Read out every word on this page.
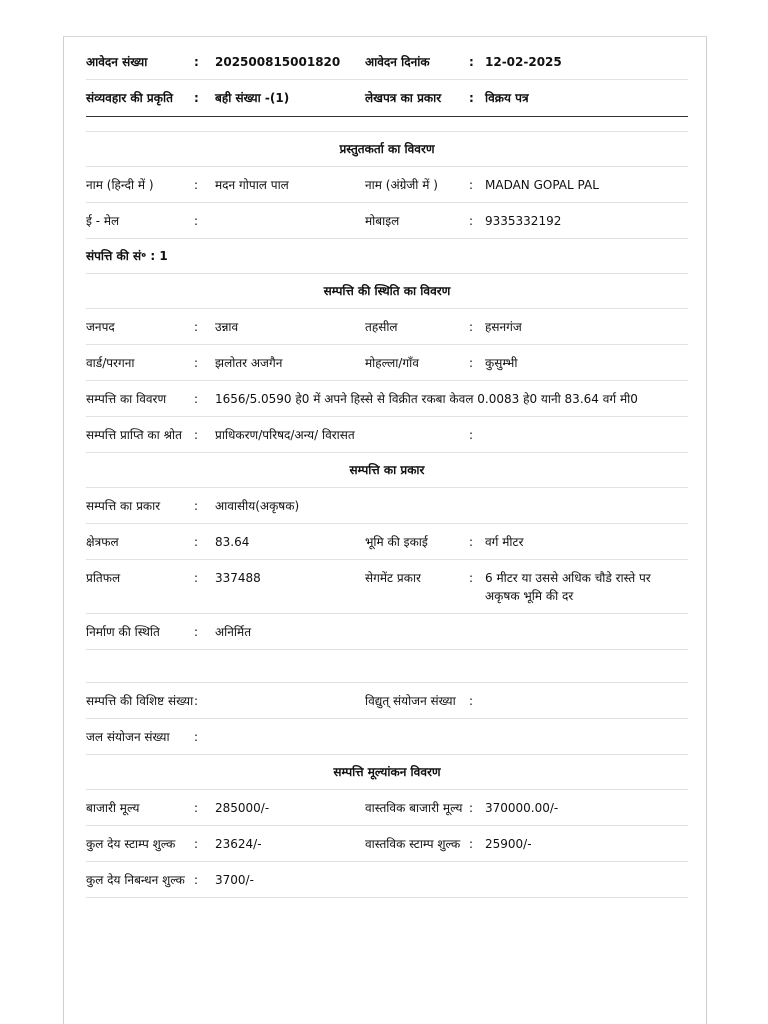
आवेदन संख्या	:	202500815001820	आवेदन दिनांक	: 12-02-2025
संव्यवहार की प्रकृति	:	बही संख्या -(1)	लेखपत्र का प्रकार	: विक्रय पत्र
प्रस्तुतकर्ता का विवरण
नाम (हिन्दी में )	:	मदन गोपाल पाल	नाम (अंग्रेजी में )	: MADAN GOPAL PAL
ई - मेल	:	मोबाइल	: 9335332192
संपत्ति की सं॰ : 1
सम्पत्ति की स्थिति का विवरण
जनपद	:	उन्नाव	तहसील	: हसनगंज
वार्ड/परगना	:	झलोतर अजगैन	मोहल्ला/गाँव	: कुसुम्भी
सम्पत्ति का विवरण	:	1656/5.0590 हे0 में अपने हिस्से से विक्रीत रकबा केवल 0.0083 हे0 यानी 83.64 वर्ग मी0
सम्पत्ति प्राप्ति का श्रोत	:	प्राधिकरण/परिषद/अन्य/ विरासत	:
सम्पत्ति का प्रकार
सम्पत्ति का प्रकार	:	आवासीय(अकृषक)
क्षेत्रफल	:	83.64	भूमि की इकाई	: वर्ग मीटर
प्रतिफल	:	337488	सेगमेंट प्रकार	: 6 मीटर या उससे अधिक चौडे रास्ते पर अकृषक भूमि की दर
निर्माण की स्थिति	:	अनिर्मित
सम्पत्ति की विशिष्ट संख्या :	विद्युत् संयोजन संख्या	:
जल संयोजन संख्या	:
सम्पत्ति मूल्यांकन विवरण
बाजारी मूल्य	:	285000/-	वास्तविक बाजारी मूल्य : 370000.00/-
कुल देय स्टाम्प शुल्क	:	23624/-	वास्तविक स्टाम्प शुल्क : 25900/-
कुल देय निबन्धन शुल्क :	3700/-
